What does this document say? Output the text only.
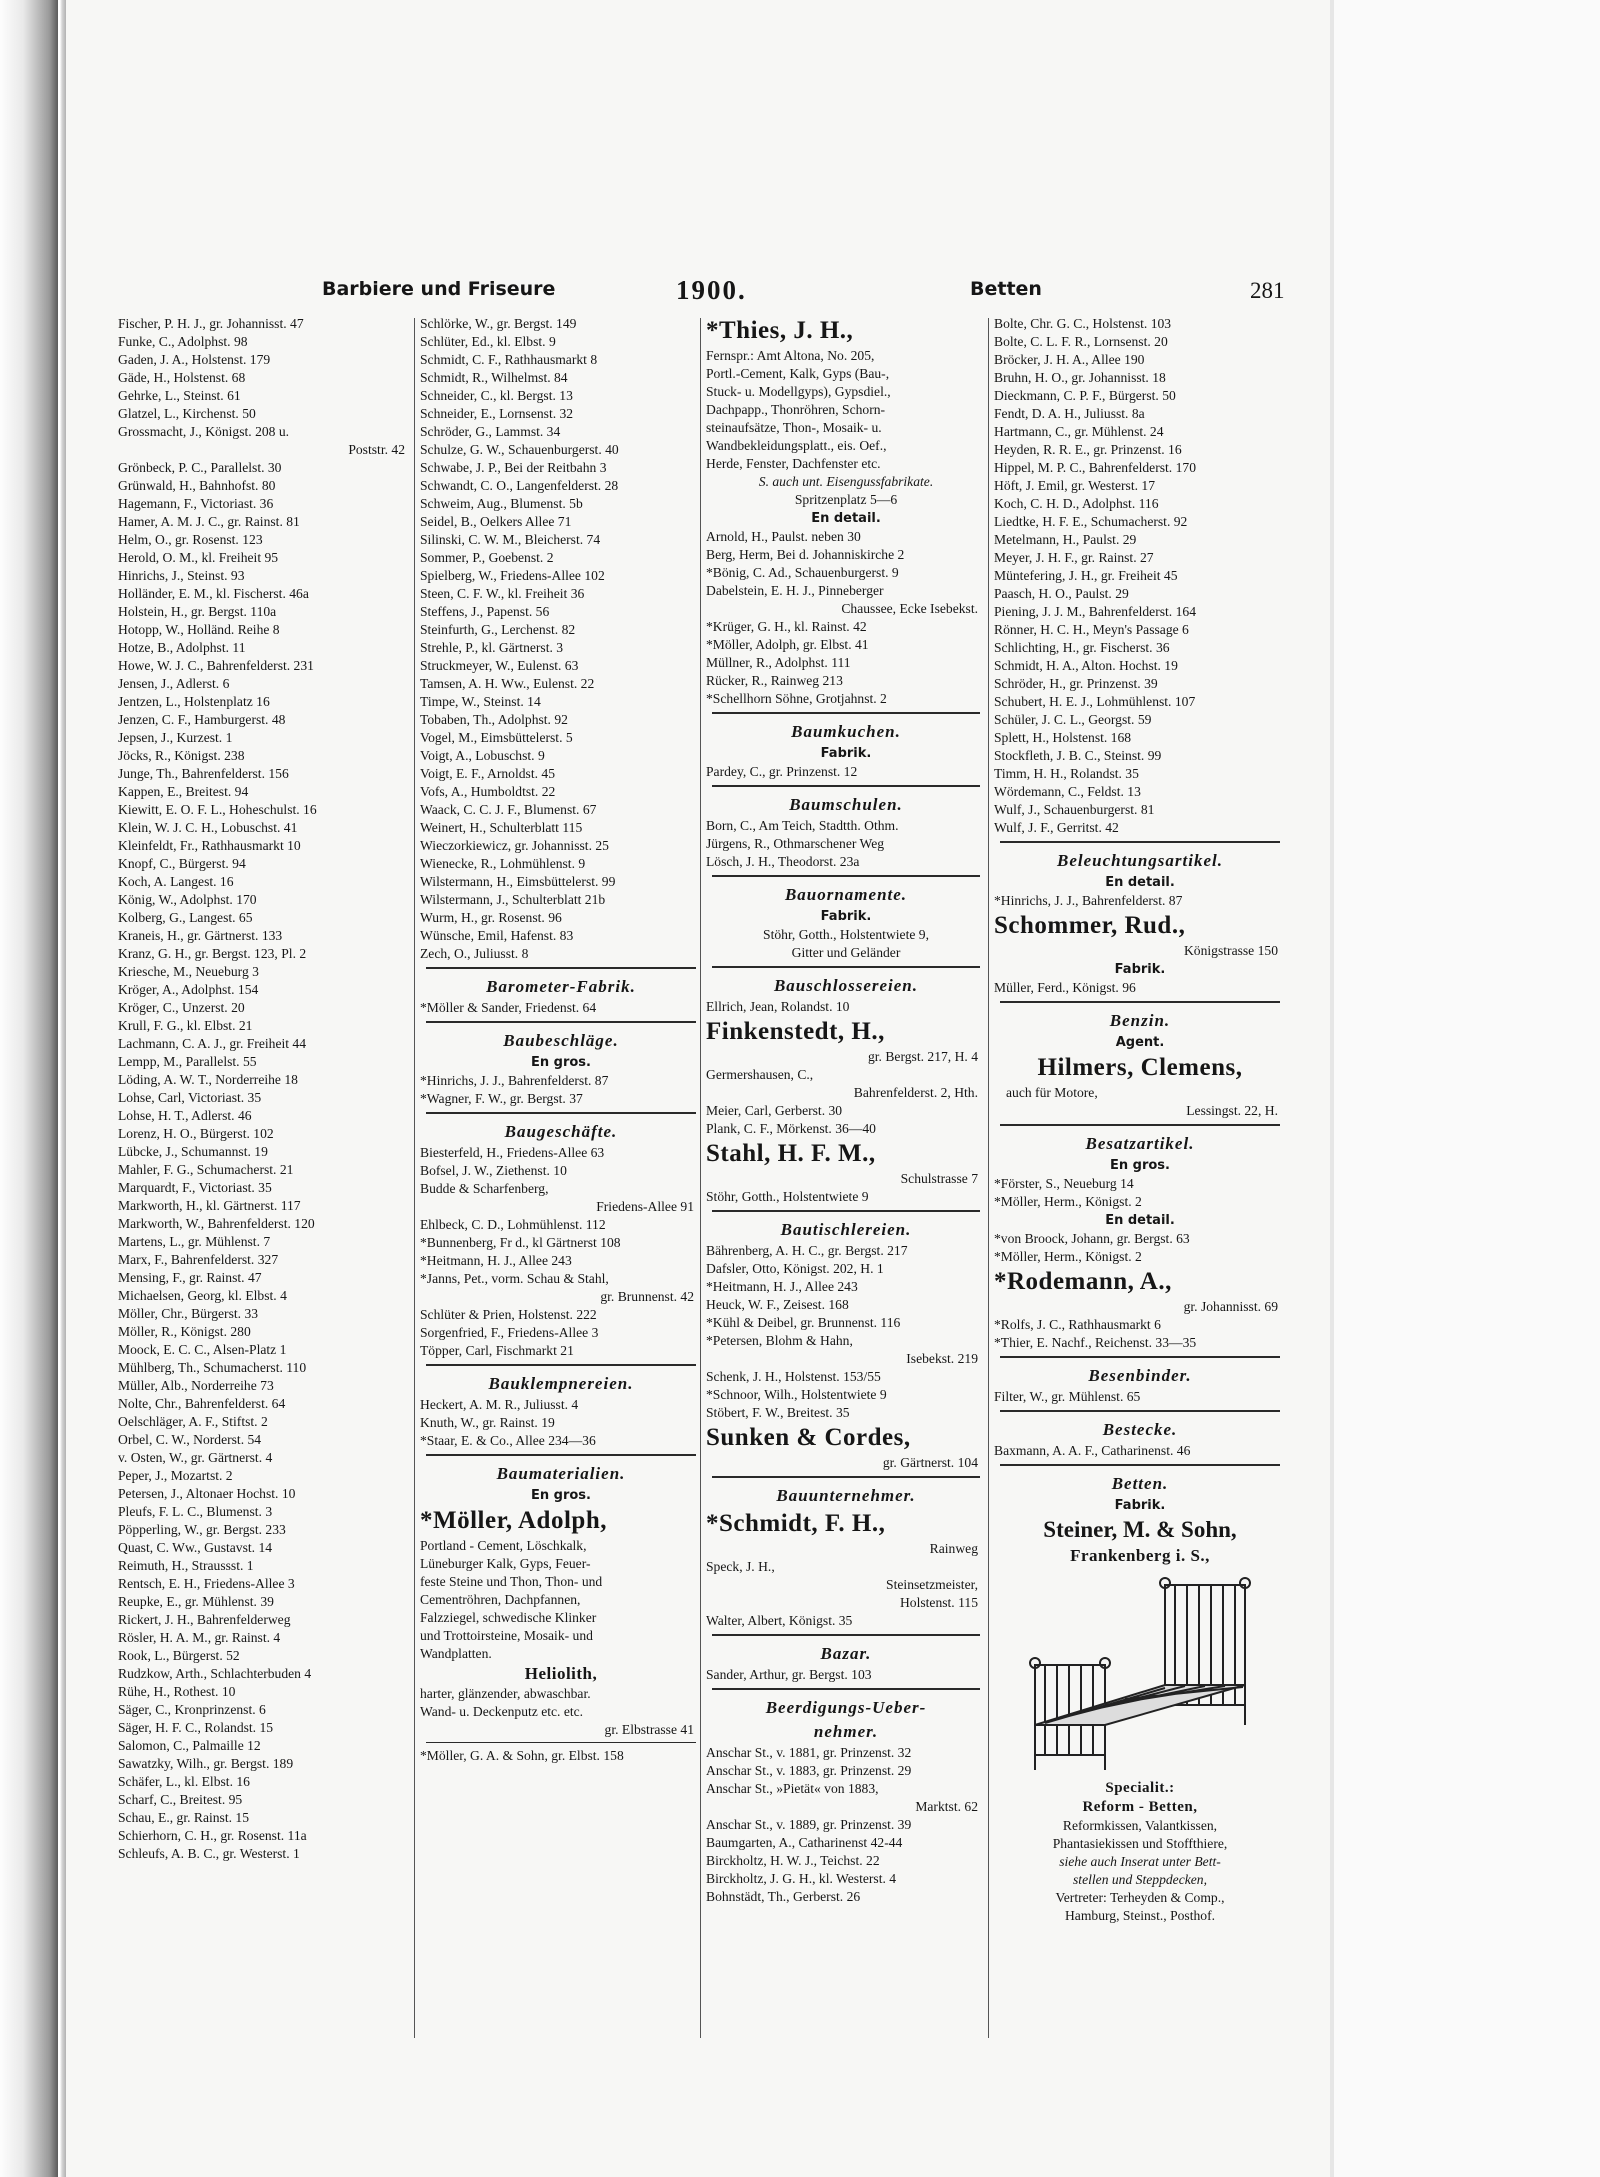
Barbiere und Friseure	1900.	Betten	281
Fischer, P. H. J., gr. Johannisst. 47
Funke, C., Adolphst. 98
Gaden, J. A., Holstenst. 179
Gäde, H., Holstenst. 68
Gehrke, L., Steinst. 61
Glatzel, L., Kirchenst. 50
Grossmacht, J., Königst. 208 u.
Poststr. 42
Grönbeck, P. C., Parallelst. 30
Grünwald, H., Bahnhofst. 80
Hagemann, F., Victoriast. 36
Hamer, A. M. J. C., gr. Rainst. 81
Helm, O., gr. Rosenst. 123
Herold, O. M., kl. Freiheit 95
Hinrichs, J., Steinst. 93
Holländer, E. M., kl. Fischerst. 46a
Holstein, H., gr. Bergst. 110a
Hotopp, W., Holländ. Reihe 8
Hotze, B., Adolphst. 11
Howe, W. J. C., Bahrenfelderst. 231
Jensen, J., Adlerst. 6
Jentzen, L., Holstenplatz 16
Jenzen, C. F., Hamburgerst. 48
Jepsen, J., Kurzest. 1
Jöcks, R., Königst. 238
Junge, Th., Bahrenfelderst. 156
Kappen, E., Breitest. 94
Kiewitt, E. O. F. L., Hoheschulst. 16
Klein, W. J. C. H., Lobuschst. 41
Kleinfeldt, Fr., Rathhausmarkt 10
Knopf, C., Bürgerst. 94
Koch, A. Langest. 16
König, W., Adolphst. 170
Kolberg, G., Langest. 65
Kraneis, H., gr. Gärtnerst. 133
Kranz, G. H., gr. Bergst. 123, Pl. 2
Kriesche, M., Neueburg 3
Kröger, A., Adolphst. 154
Kröger, C., Unzerst. 20
Krull, F. G., kl. Elbst. 21
Lachmann, C. A. J., gr. Freiheit 44
Lempp, M., Parallelst. 55
Löding, A. W. T., Norderreihe 18
Lohse, Carl, Victoriast. 35
Lohse, H. T., Adlerst. 46
Lorenz, H. O., Bürgerst. 102
Lübcke, J., Schumannst. 19
Mahler, F. G., Schumacherst. 21
Marquardt, F., Victoriast. 35
Markworth, H., kl. Gärtnerst. 117
Markworth, W., Bahrenfelderst. 120
Martens, L., gr. Mühlenst. 7
Marx, F., Bahrenfelderst. 327
Mensing, F., gr. Rainst. 47
Michaelsen, Georg, kl. Elbst. 4
Möller, Chr., Bürgerst. 33
Möller, R., Königst. 280
Moock, E. C. C., Alsen-Platz 1
Mühlberg, Th., Schumacherst. 110
Müller, Alb., Norderreihe 73
Nolte, Chr., Bahrenfelderst. 64
Oelschläger, A. F., Stiftst. 2
Orbel, C. W., Norderst. 54
v. Osten, W., gr. Gärtnerst. 4
Peper, J., Mozartst. 2
Petersen, J., Altonaer Hochst. 10
Pleufs, F. L. C., Blumenst. 3
Pöpperling, W., gr. Bergst. 233
Quast, C. Ww., Gustavst. 14
Reimuth, H., Straussst. 1
Rentsch, E. H., Friedens-Allee 3
Reupke, E., gr. Mühlenst. 39
Rickert, J. H., Bahrenfelderweg
Rösler, H. A. M., gr. Rainst. 4
Rook, L., Bürgerst. 52
Rudzkow, Arth., Schlachterbuden 4
Rühe, H., Rothest. 10
Säger, C., Kronprinzenst. 6
Säger, H. F. C., Rolandst. 15
Salomon, C., Palmaille 12
Sawatzky, Wilh., gr. Bergst. 189
Schäfer, L., kl. Elbst. 16
Scharf, C., Breitest. 95
Schau, E., gr. Rainst. 15
Schierhorn, C. H., gr. Rosenst. 11a
Schleufs, A. B. C., gr. Westerst. 1
Schlörke, W., gr. Bergst. 149
Schlüter, Ed., kl. Elbst. 9
Schmidt, C. F., Rathhausmarkt 8
Schmidt, R., Wilhelmst. 84
Schneider, C., kl. Bergst. 13
Schneider, E., Lornsenst. 32
Schröder, G., Lammst. 34
Schulze, G. W., Schauenburgerst. 40
Schwabe, J. P., Bei der Reitbahn 3
Schwandt, C. O., Langenfelderst. 28
Schweim, Aug., Blumenst. 5b
Seidel, B., Oelkers Allee 71
Silinski, C. W. M., Bleicherst. 74
Sommer, P., Goebenst. 2
Spielberg, W., Friedens-Allee 102
Steen, C. F. W., kl. Freiheit 36
Steffens, J., Papenst. 56
Steinfurth, G., Lerchenst. 82
Strehle, P., kl. Gärtnerst. 3
Struckmeyer, W., Eulenst. 63
Tamsen, A. H. Ww., Eulenst. 22
Timpe, W., Steinst. 14
Tobaben, Th., Adolphst. 92
Vogel, M., Eimsbüttelerst. 5
Voigt, A., Lobuschst. 9
Voigt, E. F., Arnoldst. 45
Vofs, A., Humboldtst. 22
Waack, C. C. J. F., Blumenst. 67
Weinert, H., Schulterblatt 115
Wieczorkiewicz, gr. Johannisst. 25
Wienecke, R., Lohmühlenst. 9
Wilstermann, H., Eimsbüttelerst. 99
Wilstermann, J., Schulterblatt 21b
Wurm, H., gr. Rosenst. 96
Wünsche, Emil, Hafenst. 83
Zech, O., Juliusst. 8
Barometer-Fabrik.
*Möller & Sander, Friedenst. 64
Baubeschläge.
En gros.
*Hinrichs, J. J., Bahrenfelderst. 87
*Wagner, F. W., gr. Bergst. 37
Baugeschäfte.
Biesterfeld, H., Friedens-Allee 63
Bofsel, J. W., Ziethenst. 10
Budde & Scharfenberg,
Friedens-Allee 91
Ehlbeck, C. D., Lohmühlenst. 112
*Bunnenberg, Fr d., kl Gärtnerst 108
*Heitmann, H. J., Allee 243
*Janns, Pet., vorm. Schau & Stahl,
gr. Brunnenst. 42
Schlüter & Prien, Holstenst. 222
Sorgenfried, F., Friedens-Allee 3
Töpper, Carl, Fischmarkt 21
Bauklempnereien.
Heckert, A. M. R., Juliusst. 4
Knuth, W., gr. Rainst. 19
*Staar, E. & Co., Allee 234—36
Baumaterialien.
En gros.
*Möller, Adolph,
Portland - Cement, Löschkalk,
Lüneburger Kalk, Gyps, Feuer-
feste Steine und Thon, Thon- und
Cementröhren, Dachpfannen,
Falzziegel, schwedische Klinker
und Trottoirsteine, Mosaik- und
Wandplatten.
Heliolith,
harter, glänzender, abwaschbar.
Wand- u. Deckenputz etc. etc.
gr. Elbstrasse 41
*Möller, G. A. & Sohn, gr. Elbst. 158
*Thies, J. H.,
Fernspr.: Amt Altona, No. 205,
Portl.-Cement, Kalk, Gyps (Bau-,
Stuck- u. Modellgyps), Gypsdiel.,
Dachpapp., Thonröhren, Schorn-
steinaufsätze, Thon-, Mosaik- u.
Wandbekleidungsplatt., eis. Oef.,
Herde, Fenster, Dachfenster etc.
S. auch unt. Eisengussfabrikate.
Spritzenplatz 5—6
En detail.
Arnold, H., Paulst. neben 30
Berg, Herm, Bei d. Johanniskirche 2
*Bönig, C. Ad., Schauenburgerst. 9
Dabelstein, E. H. J., Pinneberger
Chaussee, Ecke Isebekst.
*Krüger, G. H., kl. Rainst. 42
*Möller, Adolph, gr. Elbst. 41
Müllner, R., Adolphst. 111
Rücker, R., Rainweg 213
*Schellhorn Söhne, Grotjahnst. 2
Baumkuchen.
Fabrik.
Pardey, C., gr. Prinzenst. 12
Baumschulen.
Born, C., Am Teich, Stadtth. Othm.
Jürgens, R., Othmarschener Weg
Lösch, J. H., Theodorst. 23a
Bauornamente.
Fabrik.
Stöhr, Gotth., Holstentwiete 9,
Gitter und Geländer
Bauschlossereien.
Ellrich, Jean, Rolandst. 10
Finkenstedt, H.,
gr. Bergst. 217, H. 4
Germershausen, C.,
Bahrenfelderst. 2, Hth.
Meier, Carl, Gerberst. 30
Plank, C. F., Mörkenst. 36—40
Stahl, H. F. M.,
Schulstrasse 7
Stöhr, Gotth., Holstentwiete 9
Bautischlereien.
Bährenberg, A. H. C., gr. Bergst. 217
Dafsler, Otto, Königst. 202, H. 1
*Heitmann, H. J., Allee 243
Heuck, W. F., Zeisest. 168
*Kühl & Deibel, gr. Brunnenst. 116
*Petersen, Blohm & Hahn,
Isebekst. 219
Schenk, J. H., Holstenst. 153/55
*Schnoor, Wilh., Holstentwiete 9
Stöbert, F. W., Breitest. 35
Sunken & Cordes,
gr. Gärtnerst. 104
Bauunternehmer.
*Schmidt, F. H.,
Rainweg
Speck, J. H.,
Steinsetzmeister,
Holstenst. 115
Walter, Albert, Königst. 35
Bazar.
Sander, Arthur, gr. Bergst. 103
Beerdigungs-Ueber-
nehmer.
Anschar St., v. 1881, gr. Prinzenst. 32
Anschar St., v. 1883, gr. Prinzenst. 29
Anschar St., »Pietät« von 1883,
Marktst. 62
Anschar St., v. 1889, gr. Prinzenst. 39
Baumgarten, A., Catharinenst 42-44
Birckholtz, H. W. J., Teichst. 22
Birckholtz, J. G. H., kl. Westerst. 4
Bohnstädt, Th., Gerberst. 26
Bolte, Chr. G. C., Holstenst. 103
Bolte, C. L. F. R., Lornsenst. 20
Bröcker, J. H. A., Allee 190
Bruhn, H. O., gr. Johannisst. 18
Dieckmann, C. P. F., Bürgerst. 50
Fendt, D. A. H., Juliusst. 8a
Hartmann, C., gr. Mühlenst. 24
Heyden, R. R. E., gr. Prinzenst. 16
Hippel, M. P. C., Bahrenfelderst. 170
Höft, J. Emil, gr. Westerst. 17
Koch, C. H. D., Adolphst. 116
Liedtke, H. F. E., Schumacherst. 92
Metelmann, H., Paulst. 29
Meyer, J. H. F., gr. Rainst. 27
Müntefering, J. H., gr. Freiheit 45
Paasch, H. O., Paulst. 29
Piening, J. J. M., Bahrenfelderst. 164
Rönner, H. C. H., Meyn's Passage 6
Schlichting, H., gr. Fischerst. 36
Schmidt, H. A., Alton. Hochst. 19
Schröder, H., gr. Prinzenst. 39
Schubert, H. E. J., Lohmühlenst. 107
Schüler, J. C. L., Georgst. 59
Splett, H., Holstenst. 168
Stockfleth, J. B. C., Steinst. 99
Timm, H. H., Rolandst. 35
Wördemann, C., Feldst. 13
Wulf, J., Schauenburgerst. 81
Wulf, J. F., Gerritst. 42
Beleuchtungsartikel.
En detail.
*Hinrichs, J. J., Bahrenfelderst. 87
Schommer, Rud.,
Königstrasse 150
Fabrik.
Müller, Ferd., Königst. 96
Benzin.
Agent.
Hilmers, Clemens,
auch für Motore,
Lessingst. 22, H.
Besatzartikel.
En gros.
*Förster, S., Neueburg 14
*Möller, Herm., Königst. 2
En detail.
*von Broock, Johann, gr. Bergst. 63
*Möller, Herm., Königst. 2
*Rodemann, A.,
gr. Johannisst. 69
*Rolfs, J. C., Rathhausmarkt 6
*Thier, E. Nachf., Reichenst. 33—35
Besenbinder.
Filter, W., gr. Mühlenst. 65
Bestecke.
Baxmann, A. A. F., Catharinenst. 46
Betten.
Fabrik.
Steiner, M. & Sohn,
Frankenberg i. S.,
Specialit.:
Reform - Betten,
Reformkissen, Valantkissen,
Phantasiekissen und Stoffthiere,
siehe auch Inserat unter Bett-
stellen und Steppdecken,
Vertreter: Terheyden & Comp.,
Hamburg, Steinst., Posthof.
